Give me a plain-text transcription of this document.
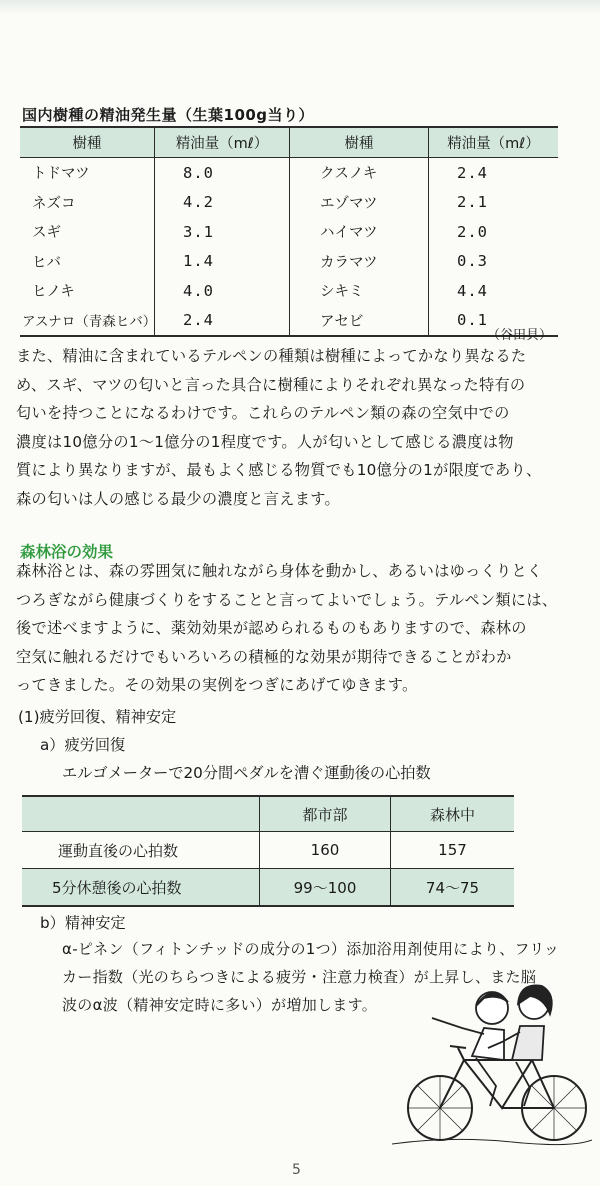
国内樹種の精油発生量（生葉100g当り）
樹種	精油量（mℓ）	樹種	精油量（mℓ）
トドマツ	8.0	クスノキ	2.4
ネズコ	4.2	エゾマツ	2.1
スギ	3.1	ハイマツ	2.0
ヒバ	1.4	カラマツ	0.3
ヒノキ	4.0	シキミ	4.4
アスナロ（青森ヒバ）	2.4	アセビ	0.1
（谷田貝）
また、精油に含まれているテルペンの種類は樹種によってかなり異なるた
め、スギ、マツの匂いと言った具合に樹種によりそれぞれ異なった特有の
匂いを持つことになるわけです。これらのテルペン類の森の空気中での
濃度は10億分の1〜1億分の1程度です。人が匂いとして感じる濃度は物
質により異なりますが、最もよく感じる物質でも10億分の1が限度であり、
森の匂いは人の感じる最少の濃度と言えます。
森林浴の効果
森林浴とは、森の雰囲気に触れながら身体を動かし、あるいはゆっくりとく
つろぎながら健康づくりをすることと言ってよいでしょう。テルペン類には、
後で述べますように、薬効効果が認められるものもありますので、森林の
空気に触れるだけでもいろいろの積極的な効果が期待できることがわか
ってきました。その効果の実例をつぎにあげてゆきます。
(1)疲労回復、精神安定
a）疲労回復
エルゴメーターで20分間ペダルを漕ぐ運動後の心拍数
	都市部	森林中
運動直後の心拍数	160	157
5分休憩後の心拍数	99〜100	74〜75
b）精神安定
α-ピネン（フィトンチッドの成分の1つ）添加浴用剤使用により、フリッ
カー指数（光のちらつきによる疲労・注意力検査）が上昇し、また脳
波のα波（精神安定時に多い）が増加します。
5
